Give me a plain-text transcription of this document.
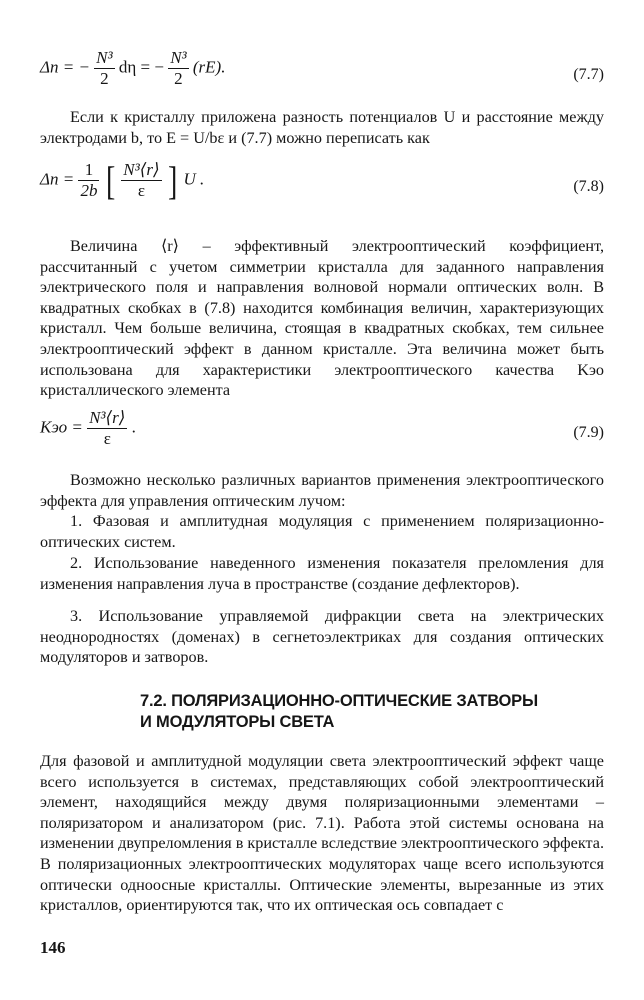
Δn = − $\frac{\text{N³}}{2}$ dη = − $\frac{\text{N³}}{2} (rE)$.	(7.7)

Если к кристаллу приложена разность потенциалов U и расстояние между электродами b, то E = U/bε и (7.7) можно переписать как

$\Delta n = \frac{1}{2b}$ [ $\frac{\text{N³⟨r⟩}}{\varepsilon}$ ] U .	(7.8)

Величина ⟨r⟩ – эффективный электрооптический коэффициент, рассчитанный с учетом симметрии кристалла для заданного направления электрического поля и направления волновой нормали оптических волн. В квадратных скобках в (7.8) находится комбинация величин, характеризующих кристалл. Чем больше величина, стоящая в квадратных скобках, тем сильнее электрооптический эффект в данном кристалле. Эта величина может быть использована для характеристики электрооптического качества Kэо кристаллического элемента

Kэо = $\frac{\text{N³⟨r⟩}}{\varepsilon}$ .	(7.9)

Возможно несколько различных вариантов применения электрооптического эффекта для управления оптическим лучом:

1. Фазовая и амплитудная модуляция с применением поляризационно-оптических систем.

2. Использование наведенного изменения показателя преломления для изменения направления луча в пространстве (создание дефлекторов).

3. Использование управляемой дифракции света на электрических неоднородностях (доменах) в сегнетоэлектриках для создания оптических модуляторов и затворов.

7.2. ПОЛЯРИЗАЦИОННО-ОПТИЧЕСКИЕ ЗАТВОРЫ
И МОДУЛЯТОРЫ СВЕТА

Для фазовой и амплитудной модуляции света электрооптический эффект чаще всего используется в системах, представляющих собой электрооптический элемент, находящийся между двумя поляризационными элементами – поляризатором и анализатором (рис. 7.1). Работа этой системы основана на изменении двупреломления в кристалле вследствие электрооптического эффекта. В поляризационных электрооптических модуляторах чаще всего используются оптически одноосные кристаллы. Оптические элементы, вырезанные из этих кристаллов, ориентируются так, что их оптическая ось совпадает с

146
